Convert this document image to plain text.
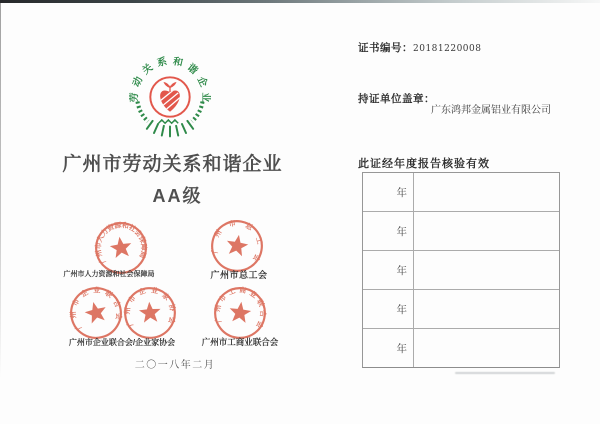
劳动关系和谐企业
广州市劳动关系和谐企业
AA级
广州市人力资源和社会保障局	广州市总工会
广州市企业联合会
广州市企业家协会	广州市工商业联合会
广州市人力资源和社会保障局	广州市总工会
广州市企业联合会/企业家协会	广州市工商业联合会
二〇一八年二月
证书编号： 20181220008
持证单位盖章：
广东鸿邦金属铝业有限公司
此证经年度报告核验有效
年
年
年
年
年
